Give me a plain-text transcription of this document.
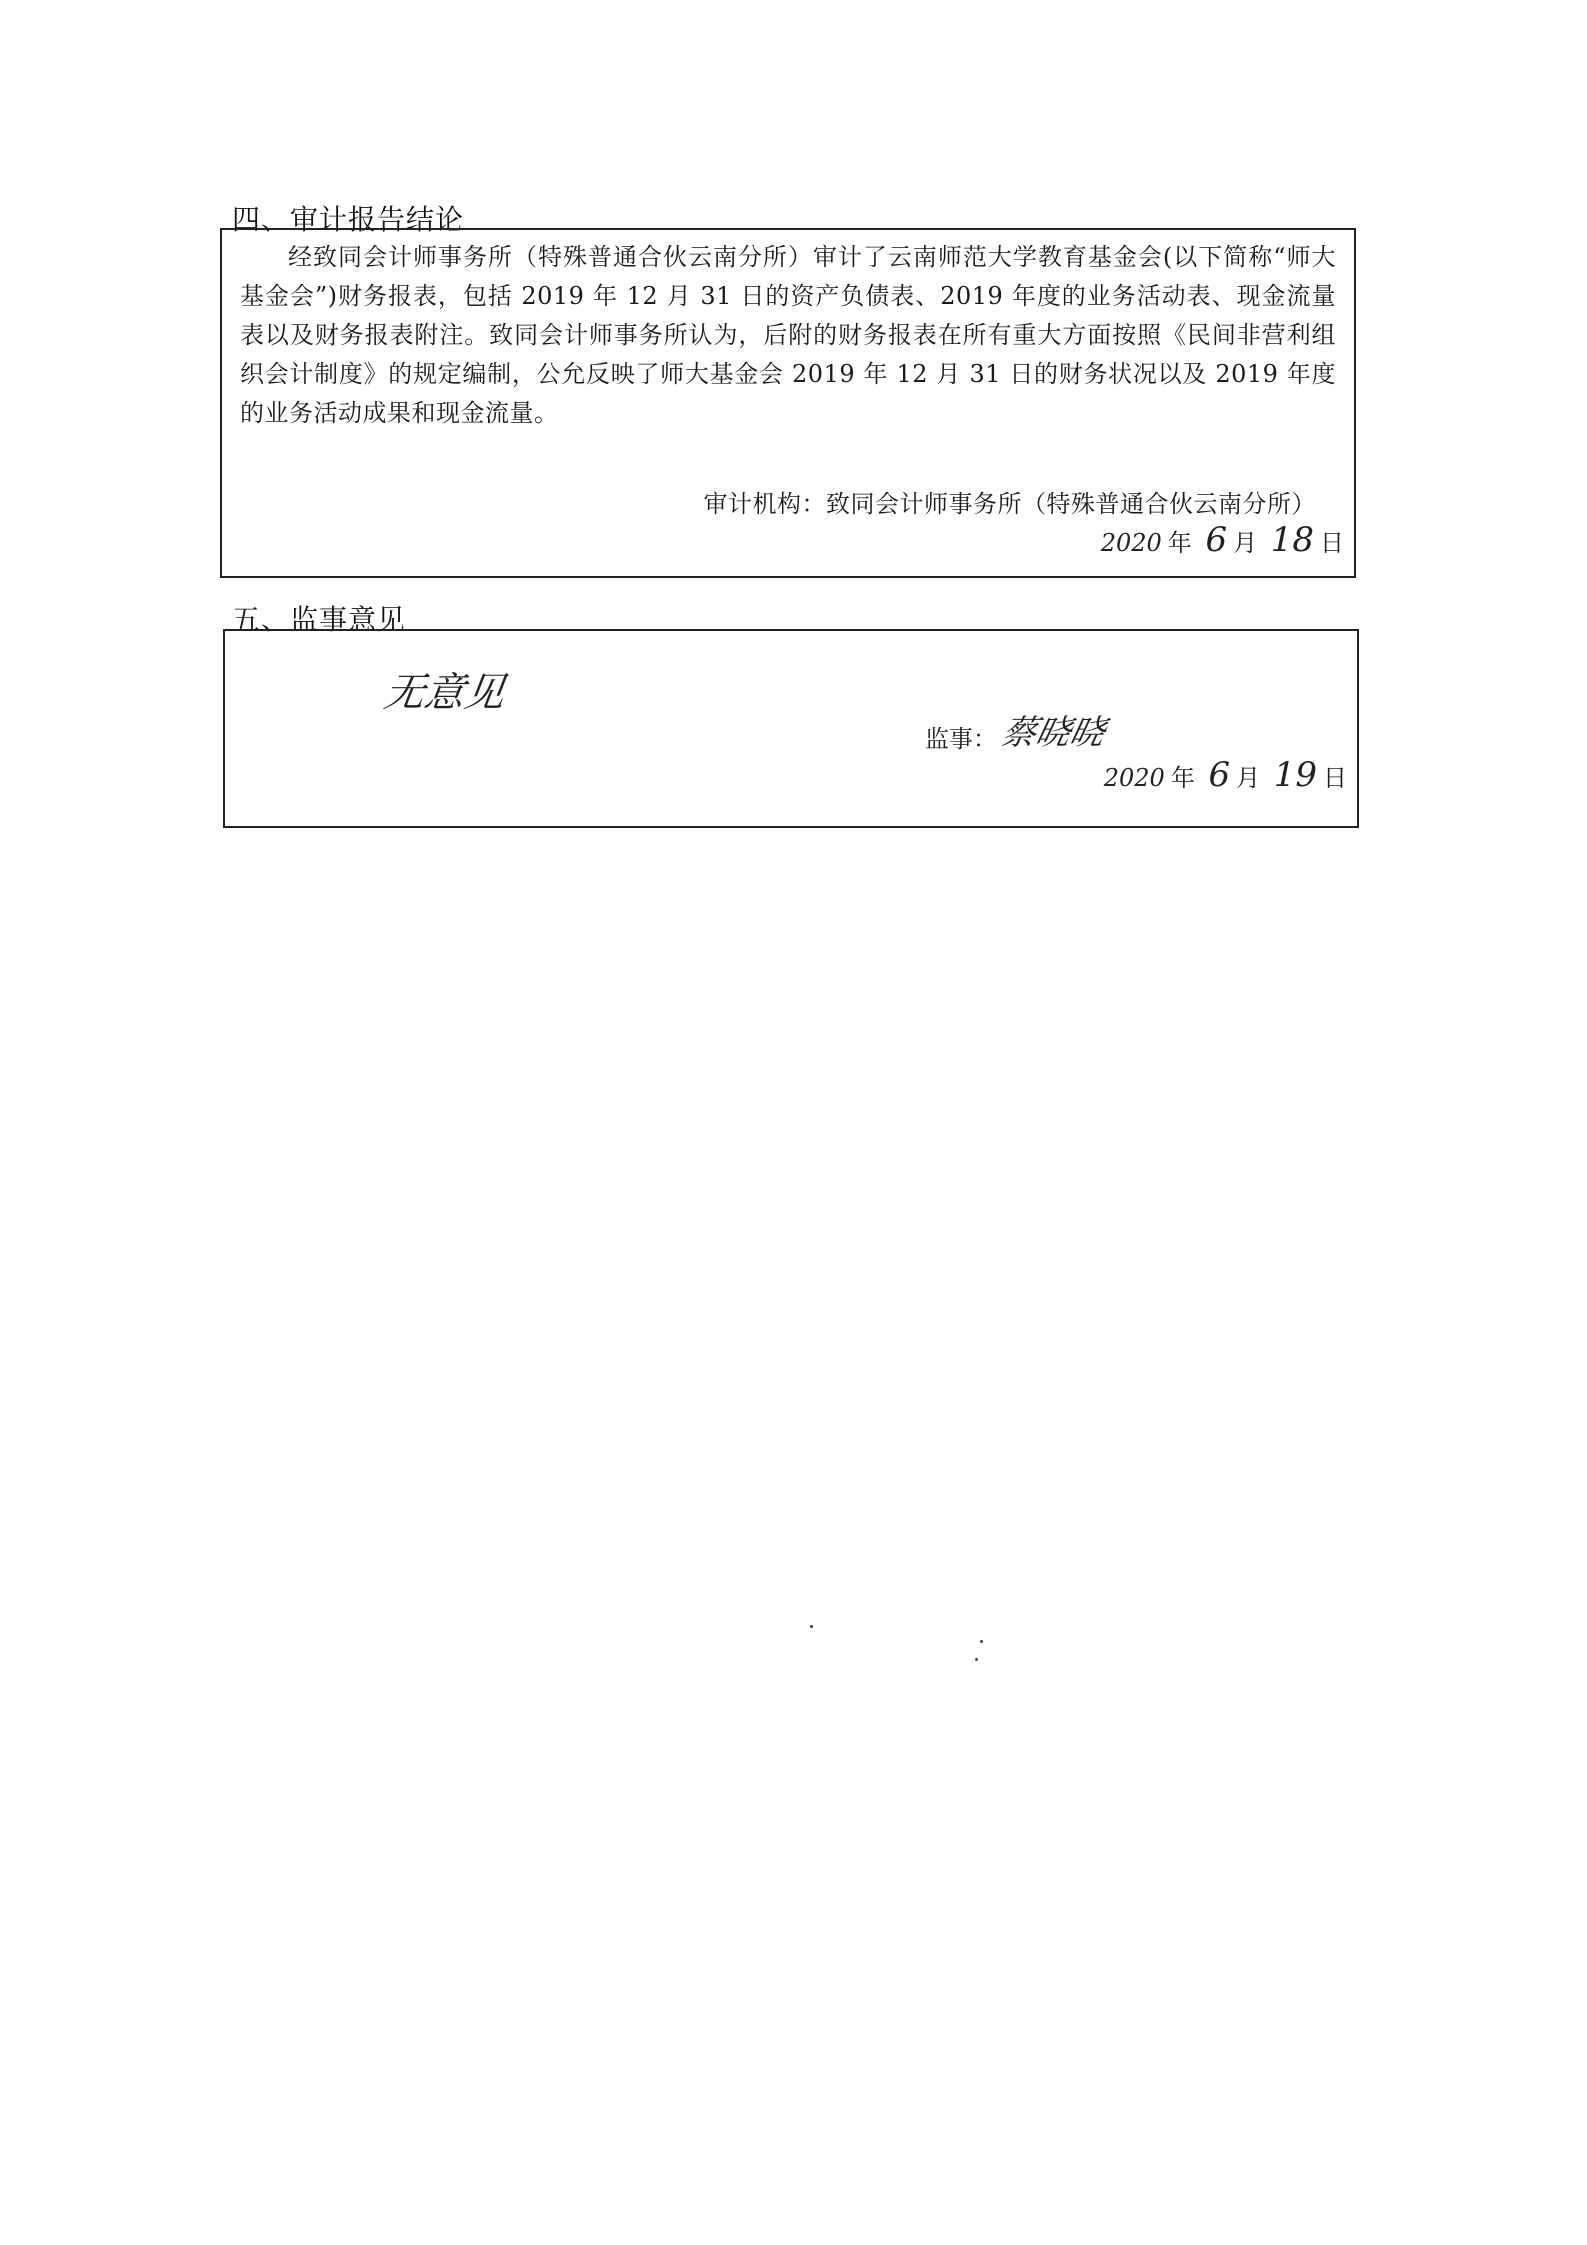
四、审计报告结论

经致同会计师事务所（特殊普通合伙云南分所）审计了云南师范大学教育基金会(以下简称“师大基金会”)财务报表，包括 2019 年 12 月 31 日的资产负债表、2019 年度的业务活动表、现金流量表以及财务报表附注。致同会计师事务所认为，后附的财务报表在所有重大方面按照《民间非营利组织会计制度》的规定编制，公允反映了师大基金会 2019 年 12 月 31 日的财务状况以及 2019 年度的业务活动成果和现金流量。

审计机构：致同会计师事务所（特殊普通合伙云南分所）
2020 年 6 月 18 日
五、监事意见
无意见
监事： 蔡晓晓
2020 年 6 月 19 日
